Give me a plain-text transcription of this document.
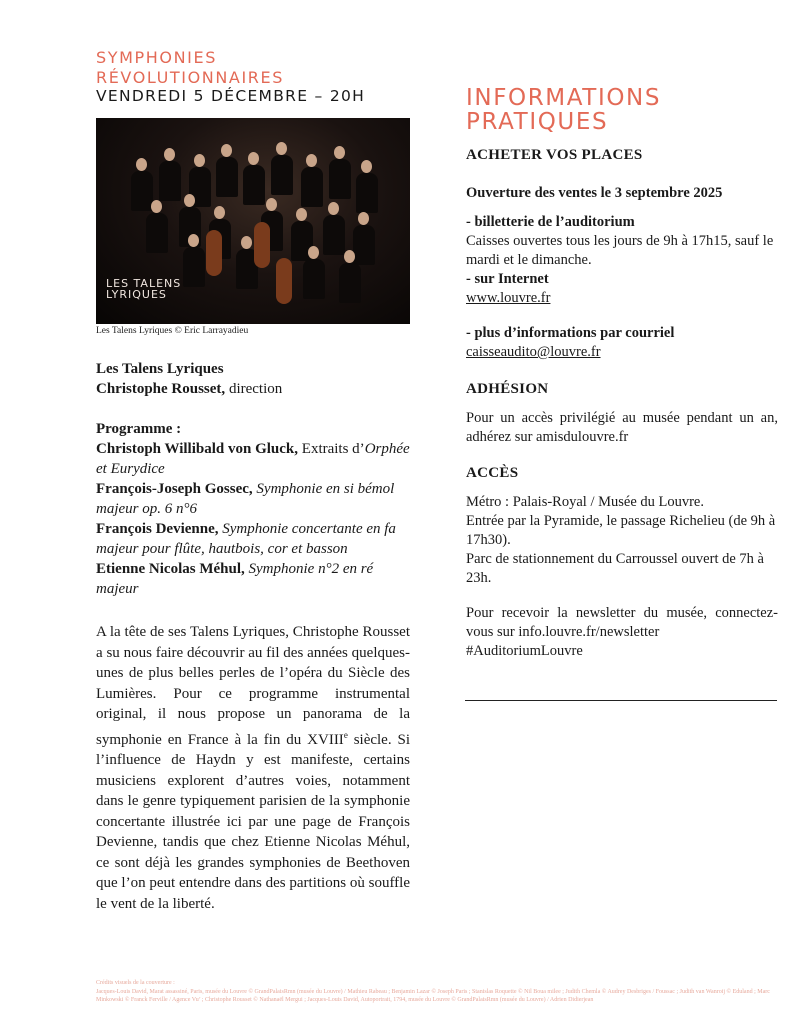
SYMPHONIES
RÉVOLUTIONNAIRES
VENDREDI 5 DÉCEMBRE – 20H
LES TALENS
LYRIQUES
Les Talens Lyriques © Eric Larrayadieu
Les Talens Lyriques
Christophe Rousset, direction
Programme :
Christoph Willibald von Gluck, Extraits d’Orphée et Eurydice
François-Joseph Gossec, Symphonie en si bémol majeur op. 6 n°6
François Devienne, Symphonie concertante en fa majeur pour flûte, hautbois, cor et basson
Etienne Nicolas Méhul, Symphonie n°2 en ré majeur
A la tête de ses Talens Lyriques, Christophe Rousset a su nous faire découvrir au fil des années quelques-unes de plus belles perles de l’opéra du Siècle des Lumières. Pour ce programme instrumental original, il nous propose un panorama de la symphonie en France à la fin du XVIIIe siècle. Si l’influence de Haydn y est manifeste, certains musiciens explorent d’autres voies, notamment dans le genre typiquement parisien de la symphonie concertante illustrée ici par une page de François Devienne, tandis que chez Etienne Nicolas Méhul, ce sont déjà les grandes symphonies de Beethoven que l’on peut entendre dans des partitions où souffle le vent de la liberté.
INFORMATIONS
PRATIQUES
ACHETER VOS PLACES
Ouverture des ventes le 3 septembre 2025
- billetterie de l’auditorium
Caisses ouvertes tous les jours de 9h à 17h15, sauf le mardi et le dimanche.
- sur Internet
www.louvre.fr
- plus d’informations par courriel
caisseaudito@louvre.fr
ADHÉSION
Pour un accès privilégié au musée pendant un an, adhérez sur amisdulouvre.fr
ACCÈS
Métro : Palais-Royal / Musée du Louvre.
Entrée par la Pyramide, le passage Richelieu (de 9h à 17h30).
Parc de stationnement du Carroussel ouvert de 7h à 23h.
Pour recevoir la newsletter du musée, connectez-vous sur info.louvre.fr/newsletter
#AuditoriumLouvre
Crédits visuels de la couverture :
Jacques-Louis David, Marat assassiné, Paris, musée du Louvre © GrandPalaisRmn (musée du Louvre) / Mathieu Rabeau ; Benjamin Lazar © Joseph Paris ; Stanislas Roquette © Nil Boua milee ; Judith Chemla © Audrey Desbriges / Foussac ; Judith van Wanroij © Eduland ; Marc Minkowski © Franck Ferville / Agence Vu’ ; Christophe Rousset © Nathanaël Mergui ; Jacques-Louis David, Autoportrait, 1794, musée du Louvre © GrandPalaisRmn (musée du Louvre) / Adrien Didierjean
